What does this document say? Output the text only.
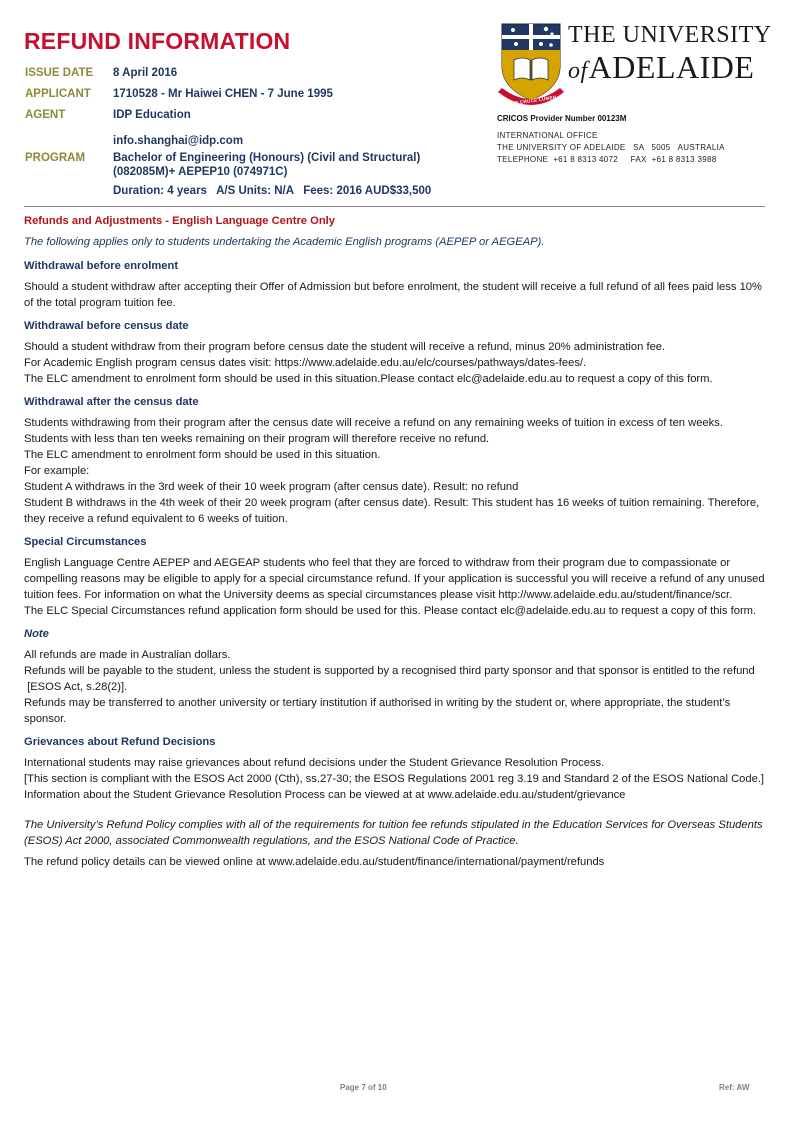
REFUND INFORMATION
ISSUE DATE	8 April 2016
APPLICANT	1710528 - Mr Haiwei CHEN - 7 June 1995
AGENT	IDP Education
info.shanghai@idp.com
PROGRAM	Bachelor of Engineering (Honours) (Civil and Structural) (082085M)+ AEPEP10 (074971C)
Duration: 4 years   A/S Units: N/A   Fees: 2016 AUD$33,500
THE UNIVERSITY
ofADELAIDE
SUB CRUCE LUMEN
CRICOS Provider Number 00123M
INTERNATIONAL OFFICE
THE UNIVERSITY OF ADELAIDE   SA   5005   AUSTRALIA
TELEPHONE  +61 8 8313 4072     FAX  +61 8 8313 3988
Refunds and Adjustments - English Language Centre Only
The following applies only to students undertaking the Academic English programs (AEPEP or AEGEAP).
Withdrawal before enrolment
Should a student withdraw after accepting their Offer of Admission but before enrolment, the student will receive a full refund of all fees paid less 10% of the total program tuition fee.
Withdrawal before census date
Should a student withdraw from their program before census date the student will receive a refund, minus 20% administration fee.
For Academic English program census dates visit: https://www.adelaide.edu.au/elc/courses/pathways/dates-fees/.
The ELC amendment to enrolment form should be used in this situation.Please contact elc@adelaide.edu.au to request a copy of this form.
Withdrawal after the census date
Students withdrawing from their program after the census date will receive a refund on any remaining weeks of tuition in excess of ten weeks. Students with less than ten weeks remaining on their program will therefore receive no refund.
The ELC amendment to enrolment form should be used in this situation.
For example:
Student A withdraws in the 3rd week of their 10 week program (after census date). Result: no refund
Student B withdraws in the 4th week of their 20 week program (after census date). Result: This student has 16 weeks of tuition remaining. Therefore, they receive a refund equivalent to 6 weeks of tuition.
Special Circumstances
English Language Centre AEPEP and AEGEAP students who feel that they are forced to withdraw from their program due to compassionate or compelling reasons may be eligible to apply for a special circumstance refund. If your application is successful you will receive a refund of any unused tuition fees. For information on what the University deems as special circumstances please visit http://www.adelaide.edu.au/student/finance/scr.
The ELC Special Circumstances refund application form should be used for this. Please contact elc@adelaide.edu.au to request a copy of this form.
Note
All refunds are made in Australian dollars.
Refunds will be payable to the student, unless the student is supported by a recognised third party sponsor and that sponsor is entitled to the refund
[ESOS Act, s.28(2)].
Refunds may be transferred to another university or tertiary institution if authorised in writing by the student or, where appropriate, the student’s sponsor.
Grievances about Refund Decisions
International students may raise grievances about refund decisions under the Student Grievance Resolution Process.
[This section is compliant with the ESOS Act 2000 (Cth), ss.27-30; the ESOS Regulations 2001 reg 3.19 and Standard 2 of the ESOS National Code.]
Information about the Student Grievance Resolution Process can be viewed at at www.adelaide.edu.au/student/grievance
The University’s Refund Policy complies with all of the requirements for tuition fee refunds stipulated in the Education Services for Overseas Students (ESOS) Act 2000, associated Commonwealth regulations, and the ESOS National Code of Practice.
The refund policy details can be viewed online at www.adelaide.edu.au/student/finance/international/payment/refunds
Page 7 of 10	Ref: AW
